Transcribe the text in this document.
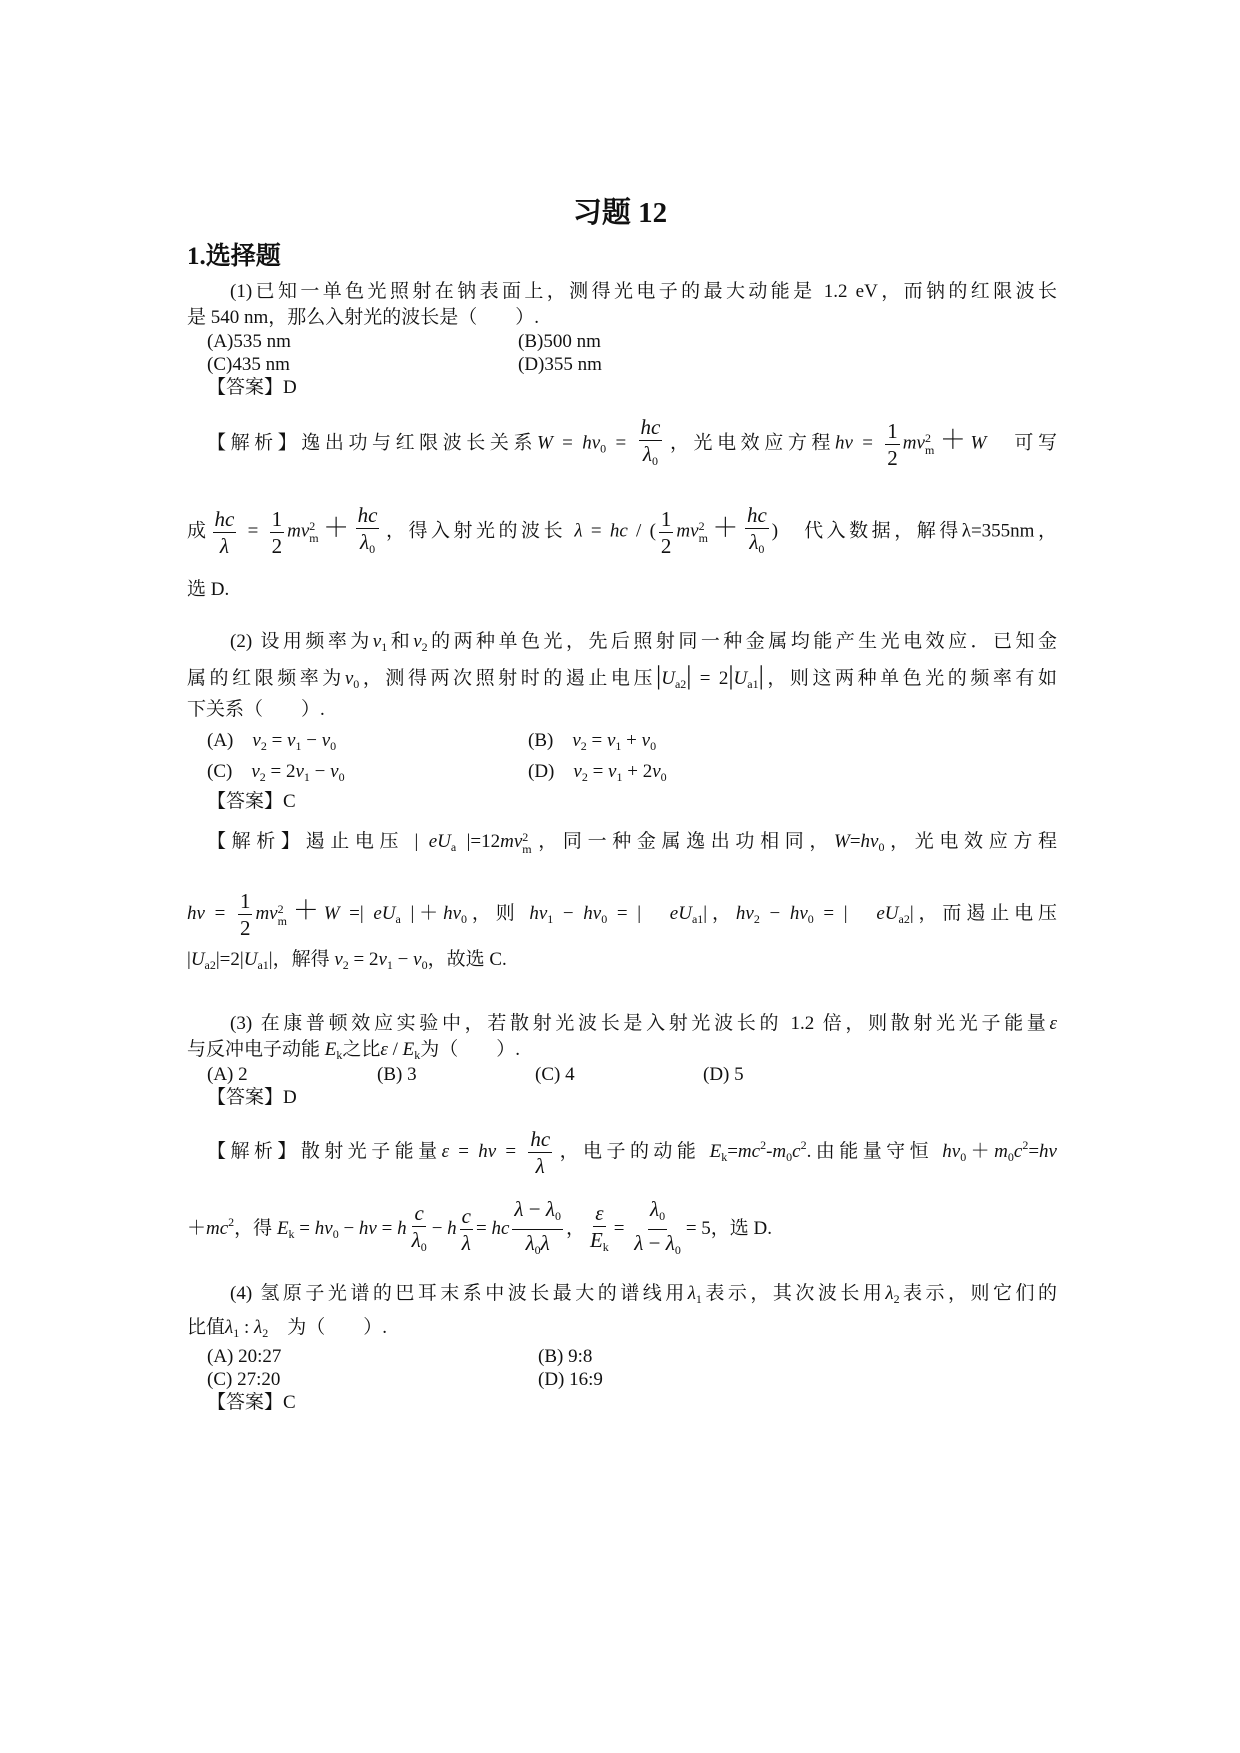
习题 12
1.选择题
(1)已知一单色光照射在钠表面上，测得光电子的最大动能是 1.2 eV，而钠的红限波长
是 540 nm，那么入射光的波长是（　　）.
(A)535 nm	(B)500 nm
(C)435 nm	(D)355 nm
【答案】D
【解析】逸出功与红限波长关系$W = hv_0 = \frac{hc}{\lambda_0}$ ，光电效应方程hv = $\frac{1}{2}$ mv 2
m ＋W　可写
成 $\frac{hc}{\lambda} = \frac{1}{2}$ mv 2
$m + \frac{hc}{\lambda_0}$ ，得入射光的波长 λ = hc / ( $\frac{1}{2}$ mv 2
$m + \frac{hc}{\lambda_0}$ )　代入数据，解得λ=355nm，
选 D.
(2) 设用频率为$v_1$和$v_2$的两种单色光，先后照射同一种金属均能产生光电效应．已知金
属的红限频率为$v_0$，测得两次照射时的遏止电压$|U_{a2}| = 2|U_{a1}|$，则这两种单色光的频率有如
下关系（　　）.
(A)　$v_2 = v_1 - v_0$	(B)　$v_2 = v_1 + v_0$
(C)　$v_2 = 2v_1 - v_0$	(D)　$v_2 = v_1 + 2v_0$
【答案】C
【解析】遏止电压 | $eU_a$ |=12mv 2
m ，同一种金属逸出功相同，$W=hv_0$，光电效应方程
hv = $\frac{1}{2}$ mv 2
m ＋W =| $eU_a$ $|+hv_0$，则 $hv_1 - hv_0$ = |　$eU_{a1}|$，$hv_2 - hv_0$ = |　$eU_{a2}|$，而遏止电压
$|U_{a2}|=2|U_{a1}|$，解得 $v_2 = 2v_1 - v_0$，故选 C.
(3) 在康普顿效应实验中，若散射光波长是入射光波长的 1.2 倍，则散射光光子能量ε
与反冲电子动能 $E_k$之比ε / $E_k$为（　　）.
(A) 2	(B) 3	(C) 4	(D) 5
【答案】D
【解析】散射光子能量ε = hv = $\frac{hc}{\lambda}$ ，电子的动能 $E_k=mc^2-m_0c^2$.由能量守恒 $hv_0+m_0c^2=hv$
$+mc^2$，得 $E_k = hv_0$ − hv = h $\frac{c}{\lambda_0} - h \frac{c}{\lambda}$ = hc $\frac{\lambda - \lambda_0}{\lambda_0\lambda}$ ， $\frac{\varepsilon}{E_k} = \frac{\lambda_0}{\lambda - \lambda_0} = 5$，选 D.
(4) 氢原子光谱的巴耳末系中波长最大的谱线用$\lambda_1$表示，其次波长用$\lambda_2$表示，则它们的
比值$\lambda_1$ : $\lambda_2$　为（　　）.
(A) 20:27	(B) 9:8
(C) 27:20	(D) 16:9
【答案】C
